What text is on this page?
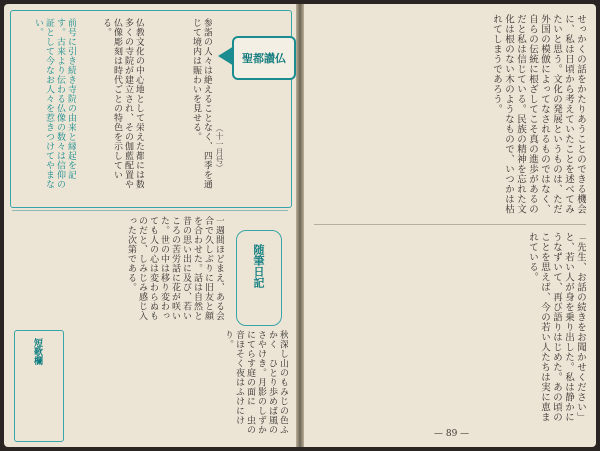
聖都讃仏
前号に引き続き寺院の由来と縁起を記す。古来より伝わる仏像の数々は信仰の証として今なお人々を惹きつけてやまない。	仏教文化の中心地として栄えた都には数多くの寺院が建立され、その伽藍配置や仏像彫刻は時代ごとの特色を示している。	参詣の人々は絶えることなく、四季を通じて境内は賑わいを見せる。
（十一月号）
一週間ほどまえ、ある会合で久しぶりに旧友と顔を合わせた。話は自然と昔の思い出に及び、若いころの苦労話に花が咲いた。世の中は移り変わっても人の心は変わらぬものだと、しみじみ感じ入った次第である。	随筆日記
短歌欄	秋深し山のもみじの色ふかく　ひとり歩めば風のさやけき。月影のしずかにてらす庭の面に　虫の音ほそく夜はふけにけり。
せっかくの話をかたりあうことのできる機会に、私は日頃から考えていたことを述べてみたいと思う。文化の発展というものは、ただ外国の模倣によってなされるものではなく、自らの伝統に根ざしてこそ真の進歩があるのだと私は信じている。民族の精神を忘れた文化は根のない木のようなもので、いつかは枯れてしまうであろう。
「先生、お話の続きをお聞かせください」と、若い人が身を乗り出した。私は静かにうなずいて、再び語りはじめた。あの頃のことを思えば、今の若い人たちは実に恵まれている。
— 89 —
